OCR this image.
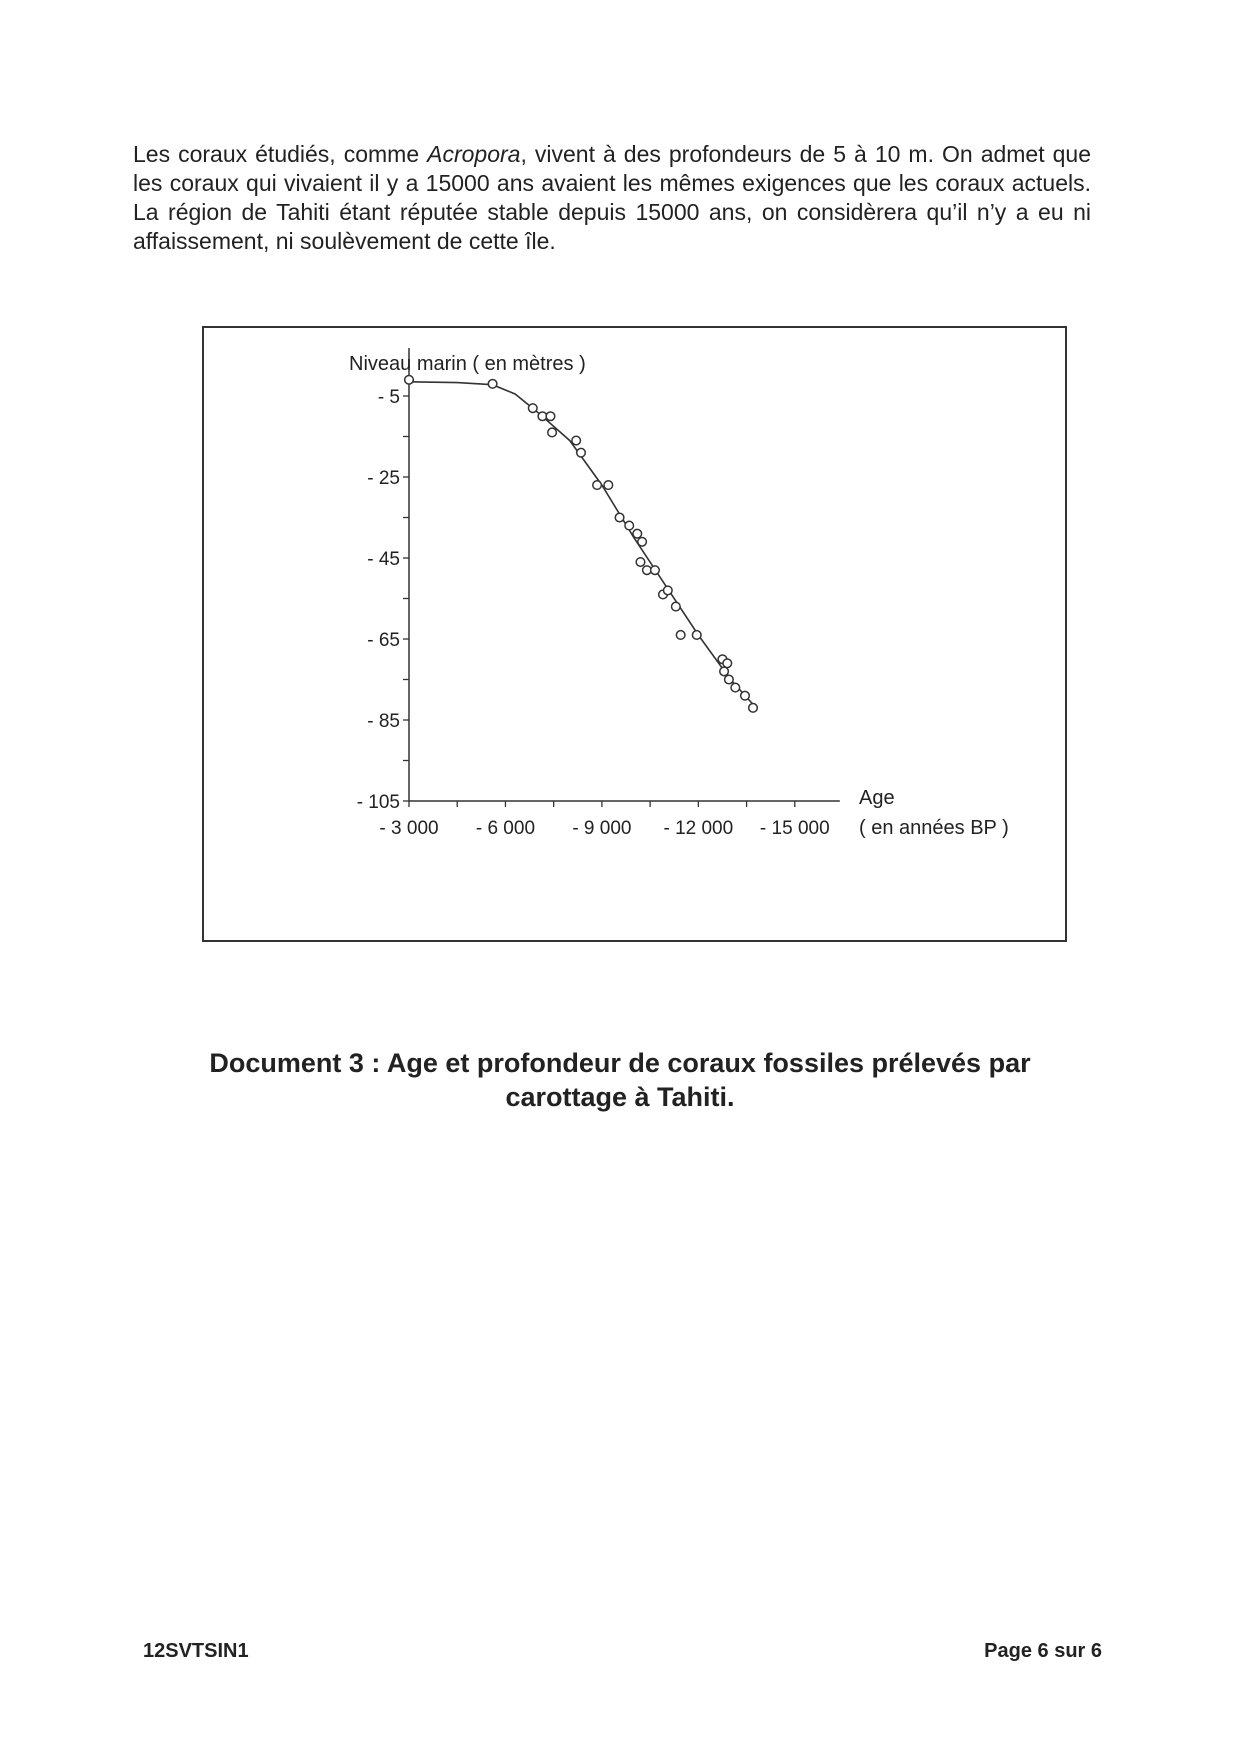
Les coraux étudiés, comme Acropora, vivent à des profondeurs de 5 à 10 m. On admet que les coraux qui vivaient il y a 15000 ans avaient les mêmes exigences que les coraux actuels. La région de Tahiti étant réputée stable depuis 15000 ans, on considèrera qu’il n’y a eu ni affaissement, ni soulèvement de cette île.

- 5
- 25
- 45
- 65
- 85
- 105
- 3 000 - 6 000 - 9 000 - 12 000 - 15 000
Niveau marin ( en mètres )
Age
( en années BP )

Document 3 : Age et profondeur de coraux fossiles prélevés par
carottage à Tahiti.

12SVTSIN1	Page 6 sur 6
